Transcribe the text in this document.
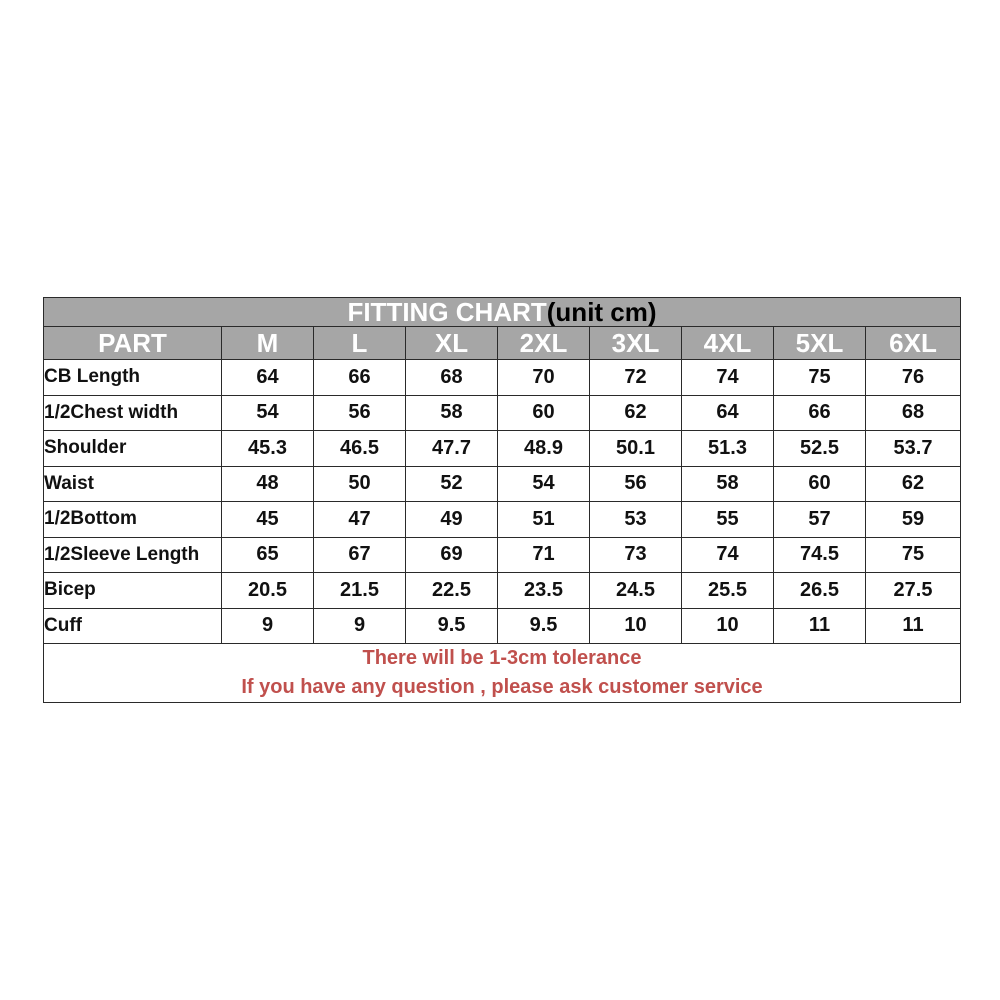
FITTING CHART(unit cm)								
PART	M	L	XL	2XL	3XL	4XL	5XL	6XL
CB Length	64	66	68	70	72	74	75	76
1/2Chest width	54	56	58	60	62	64	66	68
Shoulder	45.3	46.5	47.7	48.9	50.1	51.3	52.5	53.7
Waist	48	50	52	54	56	58	60	62
1/2Bottom	45	47	49	51	53	55	57	59
1/2Sleeve Length	65	67	69	71	73	74	74.5	75
Bicep	20.5	21.5	22.5	23.5	24.5	25.5	26.5	27.5
Cuff	9	9	9.5	9.5	10	10	11	11

There will be 1-3cm tolerance
If you have any question , please ask customer service								
